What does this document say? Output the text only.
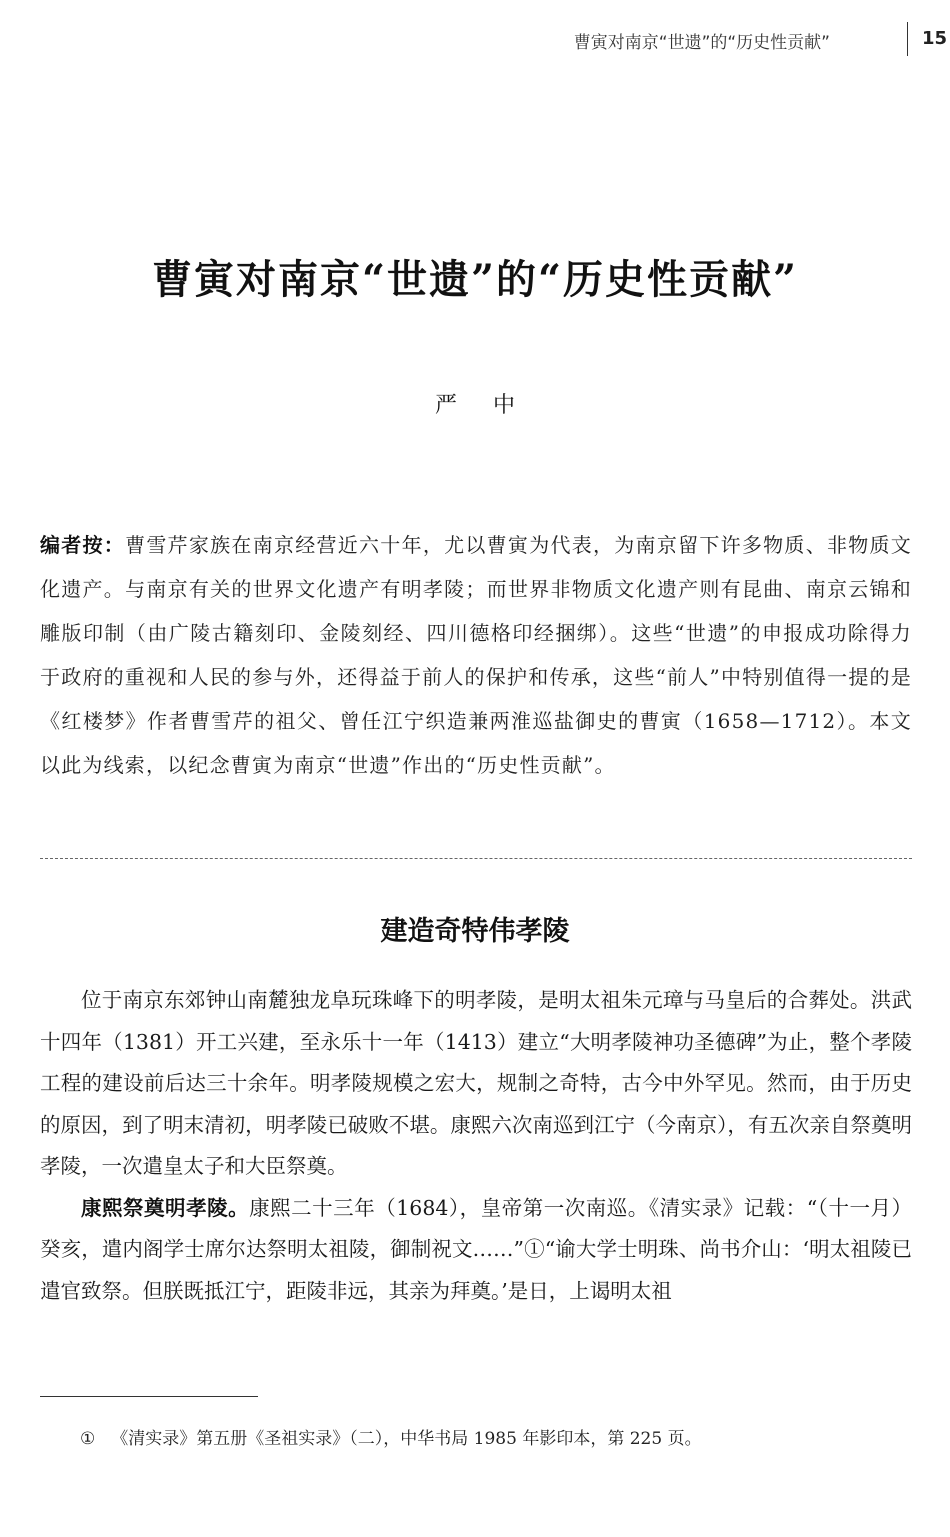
曹寅对南京“世遗”的“历史性贡献”	15
曹寅对南京“世遗”的“历史性贡献”
严中
编者按：曹雪芹家族在南京经营近六十年，尤以曹寅为代表，为南京留下许多物质、非物质文化遗产。与南京有关的世界文化遗产有明孝陵；而世界非物质文化遗产则有昆曲、南京云锦和雕版印制（由广陵古籍刻印、金陵刻经、四川德格印经捆绑）。这些“世遗”的申报成功除得力于政府的重视和人民的参与外，还得益于前人的保护和传承，这些“前人”中特别值得一提的是《红楼梦》作者曹雪芹的祖父、曾任江宁织造兼两淮巡盐御史的曹寅（1658—1712）。本文以此为线索，以纪念曹寅为南京“世遗”作出的“历史性贡献”。
建造奇特伟孝陵

位于南京东郊钟山南麓独龙阜玩珠峰下的明孝陵，是明太祖朱元璋与马皇后的合葬处。洪武十四年（1381）开工兴建，至永乐十一年（1413）建立“大明孝陵神功圣德碑”为止，整个孝陵工程的建设前后达三十余年。明孝陵规模之宏大，规制之奇特，古今中外罕见。然而，由于历史的原因，到了明末清初，明孝陵已破败不堪。康熙六次南巡到江宁（今南京），有五次亲自祭奠明孝陵，一次遣皇太子和大臣祭奠。

康熙祭奠明孝陵。康熙二十三年（1684），皇帝第一次南巡。《清实录》记载：“（十一月）癸亥，遣内阁学士席尔达祭明太祖陵，御制祝文……”①“谕大学士明珠、尚书介山：‘明太祖陵已遣官致祭。但朕既抵江宁，距陵非远，其亲为拜奠。’是日，上谒明太祖

① 《清实录》第五册《圣祖实录》（二），中华书局 1985 年影印本，第 225 页。
